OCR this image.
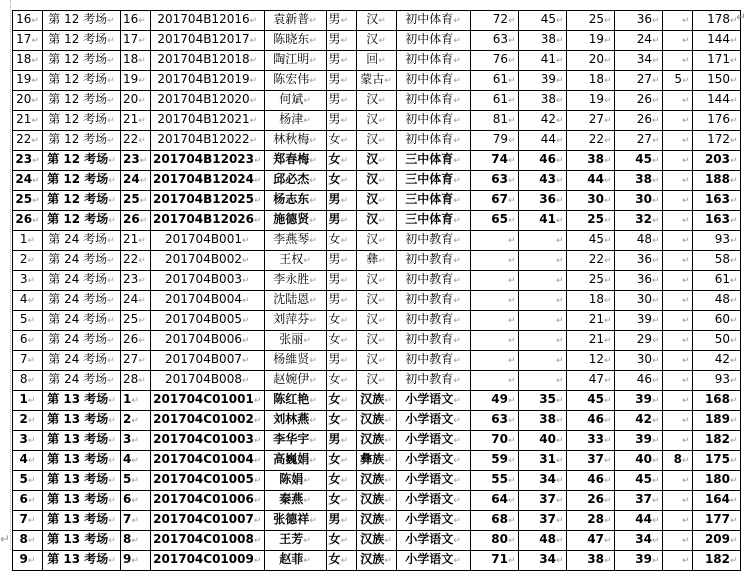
16↵	第 12 考场↵	16↵	201704B12016↵	袁新普↵	男↵	汉↵	初中体育↵	72↵	45↵	25↵	36↵	↵	178↵
17↵	第 12 考场↵	17↵	201704B12017↵	陈晓东↵	男↵	汉↵	初中体育↵	63↵	38↵	19↵	24↵	↵	144↵
18↵	第 12 考场↵	18↵	201704B12018↵	陶江明↵	男↵	回↵	初中体育↵	76↵	41↵	20↵	34↵	↵	171↵
19↵	第 12 考场↵	19↵	201704B12019↵	陈宏伟↵	男↵	蒙古↵	初中体育↵	61↵	39↵	18↵	27↵	5↵	150↵
20↵	第 12 考场↵	20↵	201704B12020↵	何斌↵	男↵	汉↵	初中体育↵	61↵	38↵	19↵	26↵	↵	144↵
21↵	第 12 考场↵	21↵	201704B12021↵	杨津↵	男↵	汉↵	初中体育↵	81↵	42↵	27↵	26↵	↵	176↵
22↵	第 12 考场↵	22↵	201704B12022↵	林秋梅↵	女↵	汉↵	初中体育↵	79↵	44↵	22↵	27↵	↵	172↵
23↵	第 12 考场↵	23↵	201704B12023↵	郑春梅↵	女↵	汉↵	三中体育↵	74↵	46↵	38↵	45↵	↵	203↵
24↵	第 12 考场↵	24↵	201704B12024↵	邱必杰↵	女↵	汉↵	三中体育↵	63↵	43↵	44↵	38↵	↵	188↵
25↵	第 12 考场↵	25↵	201704B12025↵	杨志东↵	男↵	汉↵	三中体育↵	67↵	36↵	30↵	30↵	↵	163↵
26↵	第 12 考场↵	26↵	201704B12026↵	施德贤↵	男↵	汉↵	三中体育↵	65↵	41↵	25↵	32↵	↵	163↵
1↵	第 24 考场↵	21↵	201704B001↵	李燕琴↵	女↵	汉↵	初中教育↵	↵	↵	45↵	48↵	↵	93↵
2↵	第 24 考场↵	22↵	201704B002↵	王权↵	男↵	彝↵	初中教育↵	↵	↵	22↵	36↵	↵	58↵
3↵	第 24 考场↵	23↵	201704B003↵	李永胜↵	男↵	汉↵	初中教育↵	↵	↵	25↵	36↵	↵	61↵
4↵	第 24 考场↵	24↵	201704B004↵	沈陆恩↵	男↵	汉↵	初中教育↵	↵	↵	18↵	30↵	↵	48↵
5↵	第 24 考场↵	25↵	201704B005↵	刘萍芬↵	女↵	汉↵	初中教育↵	↵	↵	21↵	39↵	↵	60↵
6↵	第 24 考场↵	26↵	201704B006↵	张丽↵	女↵	汉↵	初中教育↵	↵	↵	21↵	29↵	↵	50↵
7↵	第 24 考场↵	27↵	201704B007↵	杨維贤↵	男↵	汉↵	初中教育↵	↵	↵	12↵	30↵	↵	42↵
8↵	第 24 考场↵	28↵	201704B008↵	赵婉伊↵	女↵	汉↵	初中教育↵	↵	↵	47↵	46↵	↵	93↵
1↵	第 13 考场↵	1↵	201704C01001↵	陈红艳↵	女↵	汉族↵	小学语文↵	49↵	35↵	45↵	39↵	↵	168↵
2↵	第 13 考场↵	2↵	201704C01002↵	刘林燕↵	女↵	汉族↵	小学语文↵	63↵	38↵	46↵	42↵	↵	189↵
3↵	第 13 考场↵	3↵	201704C01003↵	李华宇↵	男↵	汉族↵	小学语文↵	70↵	40↵	33↵	39↵	↵	182↵
4↵	第 13 考场↵	4↵	201704C01004↵	高巍娟↵	女↵	彝族↵	小学语文↵	59↵	31↵	37↵	40↵	8↵	175↵
5↵	第 13 考场↵	5↵	201704C01005↵	陈娟↵	女↵	汉族↵	小学语文↵	55↵	34↵	46↵	45↵	↵	180↵
6↵	第 13 考场↵	6↵	201704C01006↵	秦燕↵	女↵	汉族↵	小学语文↵	64↵	37↵	26↵	37↵	↵	164↵
7↵	第 13 考场↵	7↵	201704C01007↵	张德祥↵	男↵	汉族↵	小学语文↵	68↵	37↵	28↵	44↵	↵	177↵
8↵	第 13 考场↵	8↵	201704C01008↵	王芳↵	女↵	汉族↵	小学语文↵	80↵	48↵	47↵	34↵	↵	209↵
9↵	第 13 考场↵	9↵	201704C01009↵	赵菲↵	女↵	汉族↵	小学语文↵	71↵	34↵	38↵	39↵	↵	182↵
↵
↵
